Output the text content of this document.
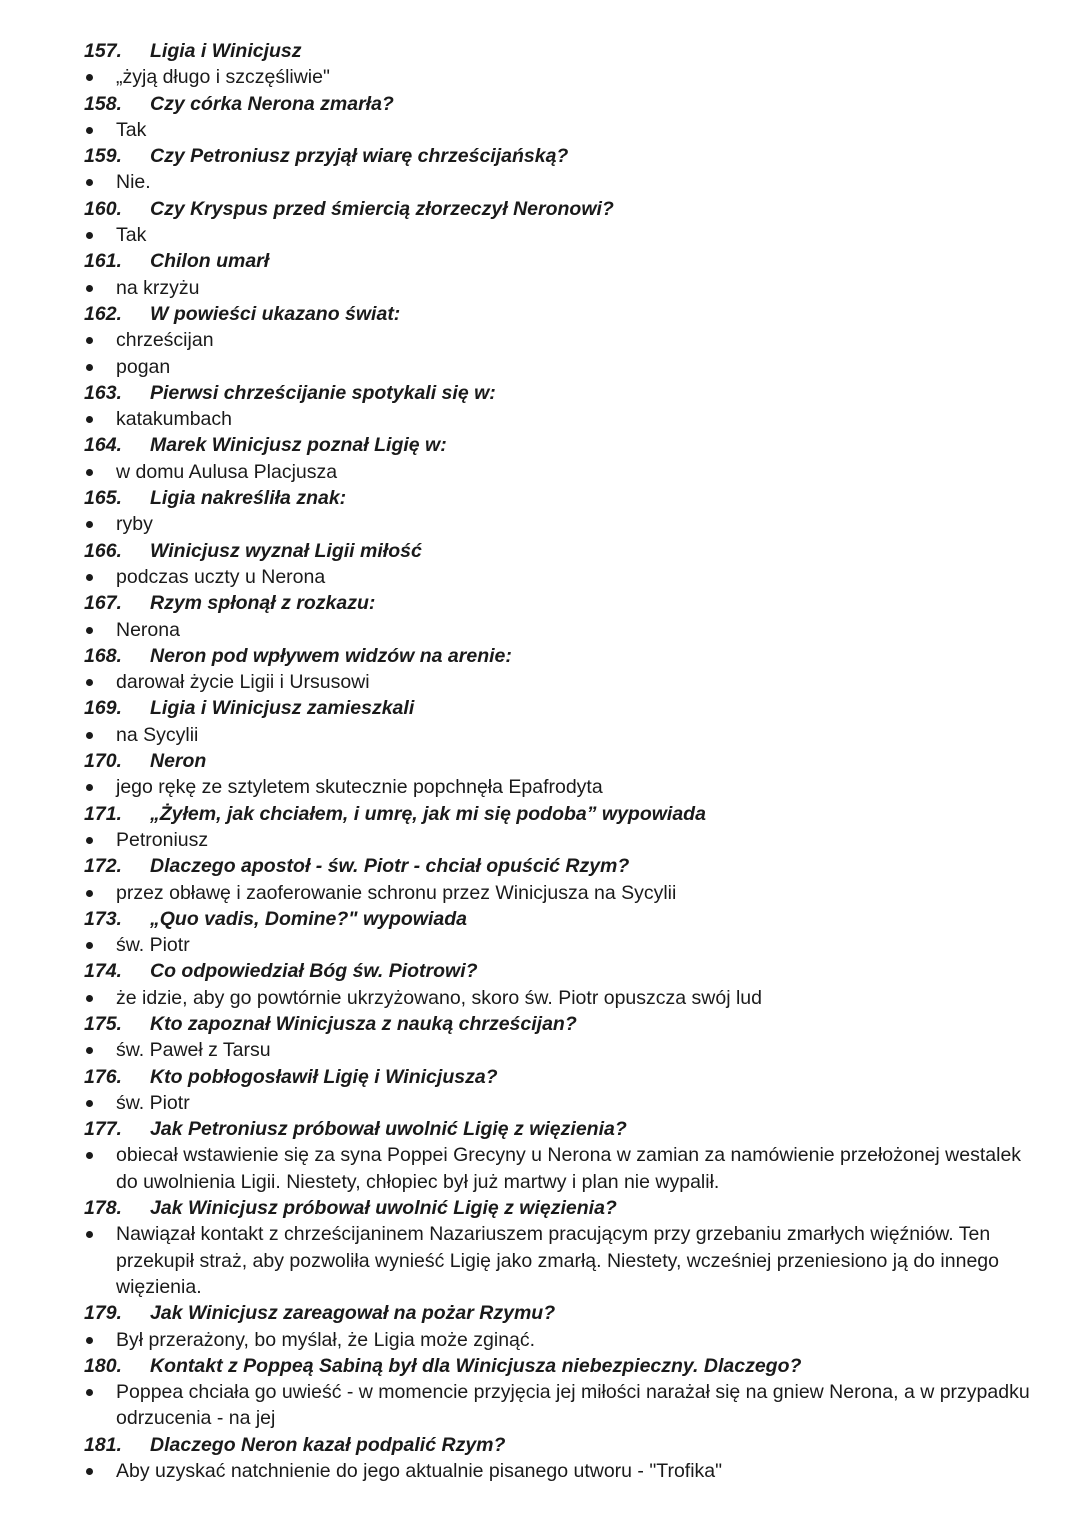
157.	Ligia i Winicjusz
„żyją długo i szczęśliwie"
158.	Czy córka Nerona zmarła?
Tak
159.	Czy Petroniusz przyjął wiarę chrześcijańską?
Nie.
160.	Czy Kryspus przed śmiercią złorzeczył Neronowi?
Tak
161.	Chilon umarł
na krzyżu
162.	W powieści ukazano świat:
chrześcijan
pogan
163.	Pierwsi chrześcijanie spotykali się w:
katakumbach
164.	Marek Winicjusz poznał Ligię w:
w domu Aulusa Placjusza
165.	Ligia nakreśliła znak:
ryby
166.	Winicjusz wyznał Ligii miłość
podczas uczty u Nerona
167.	Rzym spłonął z rozkazu:
Nerona
168.	Neron pod wpływem widzów na arenie:
darował życie Ligii i Ursusowi
169.	Ligia i Winicjusz zamieszkali
na Sycylii
170.	Neron
jego rękę ze sztyletem skutecznie popchnęła Epafrodyta
171.	„Żyłem, jak chciałem, i umrę, jak mi się podoba” wypowiada
Petroniusz
172.	Dlaczego apostoł - św. Piotr - chciał opuścić Rzym?
przez obławę i zaoferowanie schronu przez Winicjusza na Sycylii
173.	„Quo vadis, Domine?" wypowiada
św. Piotr
174.	Co odpowiedział Bóg św. Piotrowi?
że idzie, aby go powtórnie ukrzyżowano, skoro św. Piotr opuszcza swój lud
175.	Kto zapoznał Winicjusza z nauką chrześcijan?
św. Paweł z Tarsu
176.	Kto pobłogosławił Ligię i Winicjusza?
św. Piotr
177.	Jak Petroniusz próbował uwolnić Ligię z więzienia?
obiecał wstawienie się za syna Poppei Grecyny u Nerona w zamian za namówienie przełożonej westalek do uwolnienia Ligii. Niestety, chłopiec był już martwy i plan nie wypalił.
178.	Jak Winicjusz próbował uwolnić Ligię z więzienia?
Nawiązał kontakt z chrześcijaninem Nazariuszem pracującym przy grzebaniu zmarłych więźniów. Ten przekupił straż, aby pozwoliła wynieść Ligię jako zmarłą. Niestety, wcześniej przeniesiono ją do innego więzienia.
179.	Jak Winicjusz zareagował na pożar Rzymu?
Był przerażony, bo myślał, że Ligia może zginąć.
180.	Kontakt z Poppeą Sabiną był dla Winicjusza niebezpieczny. Dlaczego?
Poppea chciała go uwieść - w momencie przyjęcia jej miłości narażał się na gniew Nerona, a w przypadku odrzucenia - na jej
181.	Dlaczego Neron kazał podpalić Rzym?
Aby uzyskać natchnienie do jego aktualnie pisanego utworu - "Trofika"
